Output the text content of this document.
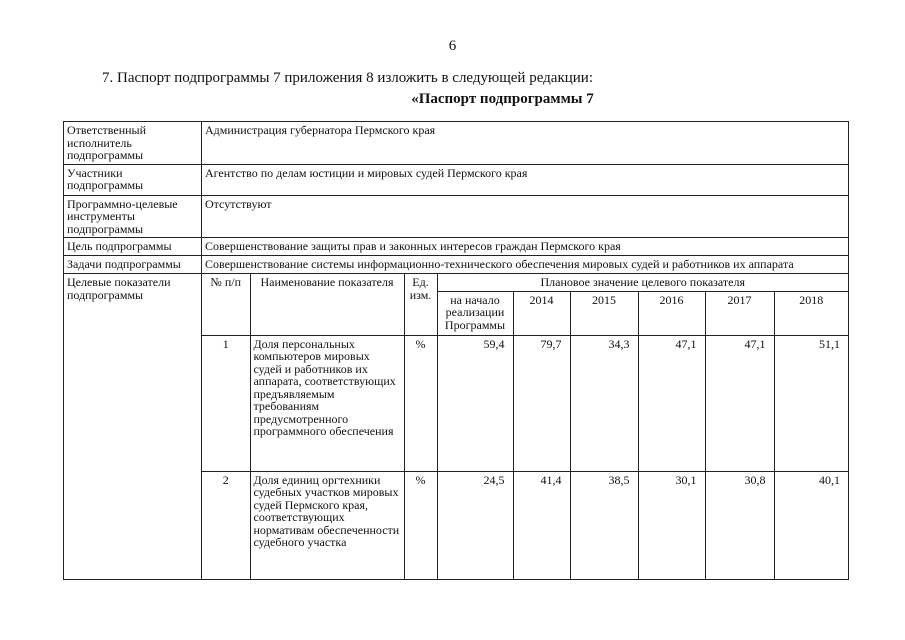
6
7. Паспорт подпрограммы 7 приложения 8 изложить в следующей редакции:
«Паспорт подпрограммы 7
Ответственный исполнитель подпрограммы	Администрация губернатора Пермского края
Участники подпрограммы	Агентство по делам юстиции и мировых судей Пермского края
Программно-целевые инструменты подпрограммы	Отсутствуют
Цель подпрограммы	Совершенствование защиты прав и законных интересов граждан Пермского края
Задачи подпрограммы	Совершенствование системы информационно-технического обеспечения мировых судей и работников их аппарата
Целевые показатели подпрограммы	
№ п/п	Наименование показателя	Ед. изм.	Плановое значение целевого показателя
на начало реализации Программы	2014	2015	2016	2017	2018
1	Доля персональных компьютеров мировых судей и работников их аппарата, соответствующих предъявляемым требованиям предусмотренного программного обеспечения	%	59,4	79,7	34,3	47,1	47,1	51,1
2	Доля единиц оргтехники судебных участков мировых судей Пермского края, соответствующих нормативам обеспеченности судебного участка	%	24,5	41,4	38,5	30,1	30,8	40,1
